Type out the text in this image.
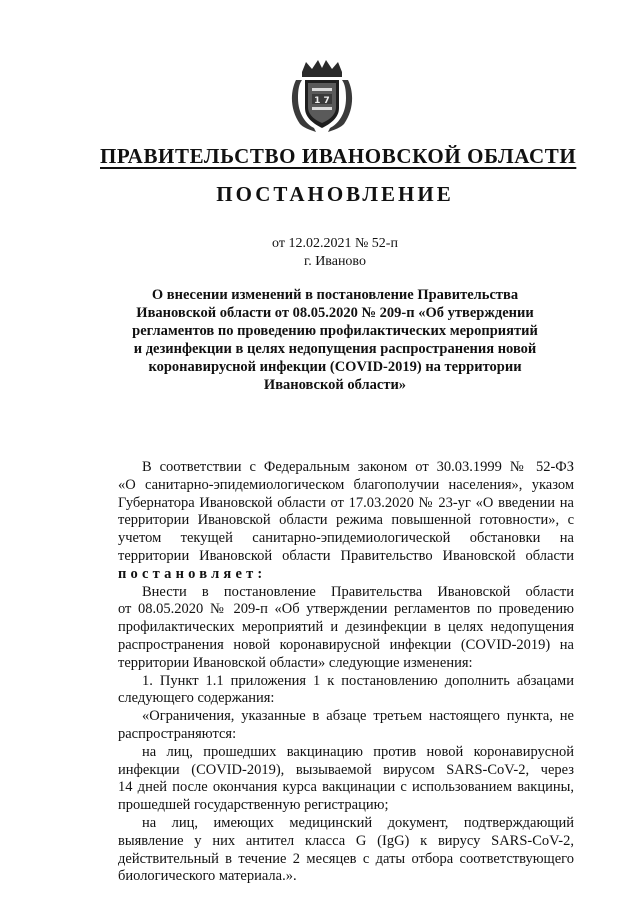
1 7
ПРАВИТЕЛЬСТВО ИВАНОВСКОЙ ОБЛАСТИ
ПОСТАНОВЛЕНИЕ
от 12.02.2021 № 52-п
г. Иваново
О внесении изменений в постановление Правительства
Ивановской области от 08.05.2020 № 209-п «Об утверждении
регламентов по проведению профилактических мероприятий
и дезинфекции в целях недопущения распространения новой
коронавирусной инфекции (COVID-2019) на территории
Ивановской области»
В соответствии с Федеральным законом от 30.03.1999 № 52-ФЗ
«О санитарно-эпидемиологическом благополучии населения», указом
Губернатора Ивановской области от 17.03.2020 № 23-уг «О введении на
территории Ивановской области режима повышенной готовности», с
учетом текущей санитарно-эпидемиологической обстановки на
территории Ивановской области Правительство Ивановской области
постановляет:
Внести в постановление Правительства Ивановской области
от 08.05.2020 № 209-п «Об утверждении регламентов по проведению
профилактических мероприятий и дезинфекции в целях недопущения
распространения новой коронавирусной инфекции (COVID-2019) на
территории Ивановской области» следующие изменения:
1. Пункт 1.1 приложения 1 к постановлению дополнить абзацами
следующего содержания:
«Ограничения, указанные в абзаце третьем настоящего пункта, не
распространяются:
на лиц, прошедших вакцинацию против новой коронавирусной
инфекции (COVID-2019), вызываемой вирусом SARS-CoV-2, через
14 дней после окончания курса вакцинации с использованием вакцины,
прошедшей государственную регистрацию;
на лиц, имеющих медицинский документ, подтверждающий
выявление у них антител класса G (IgG) к вирусу SARS-CoV-2,
действительный в течение 2 месяцев с даты отбора соответствующего
биологического материала.».
